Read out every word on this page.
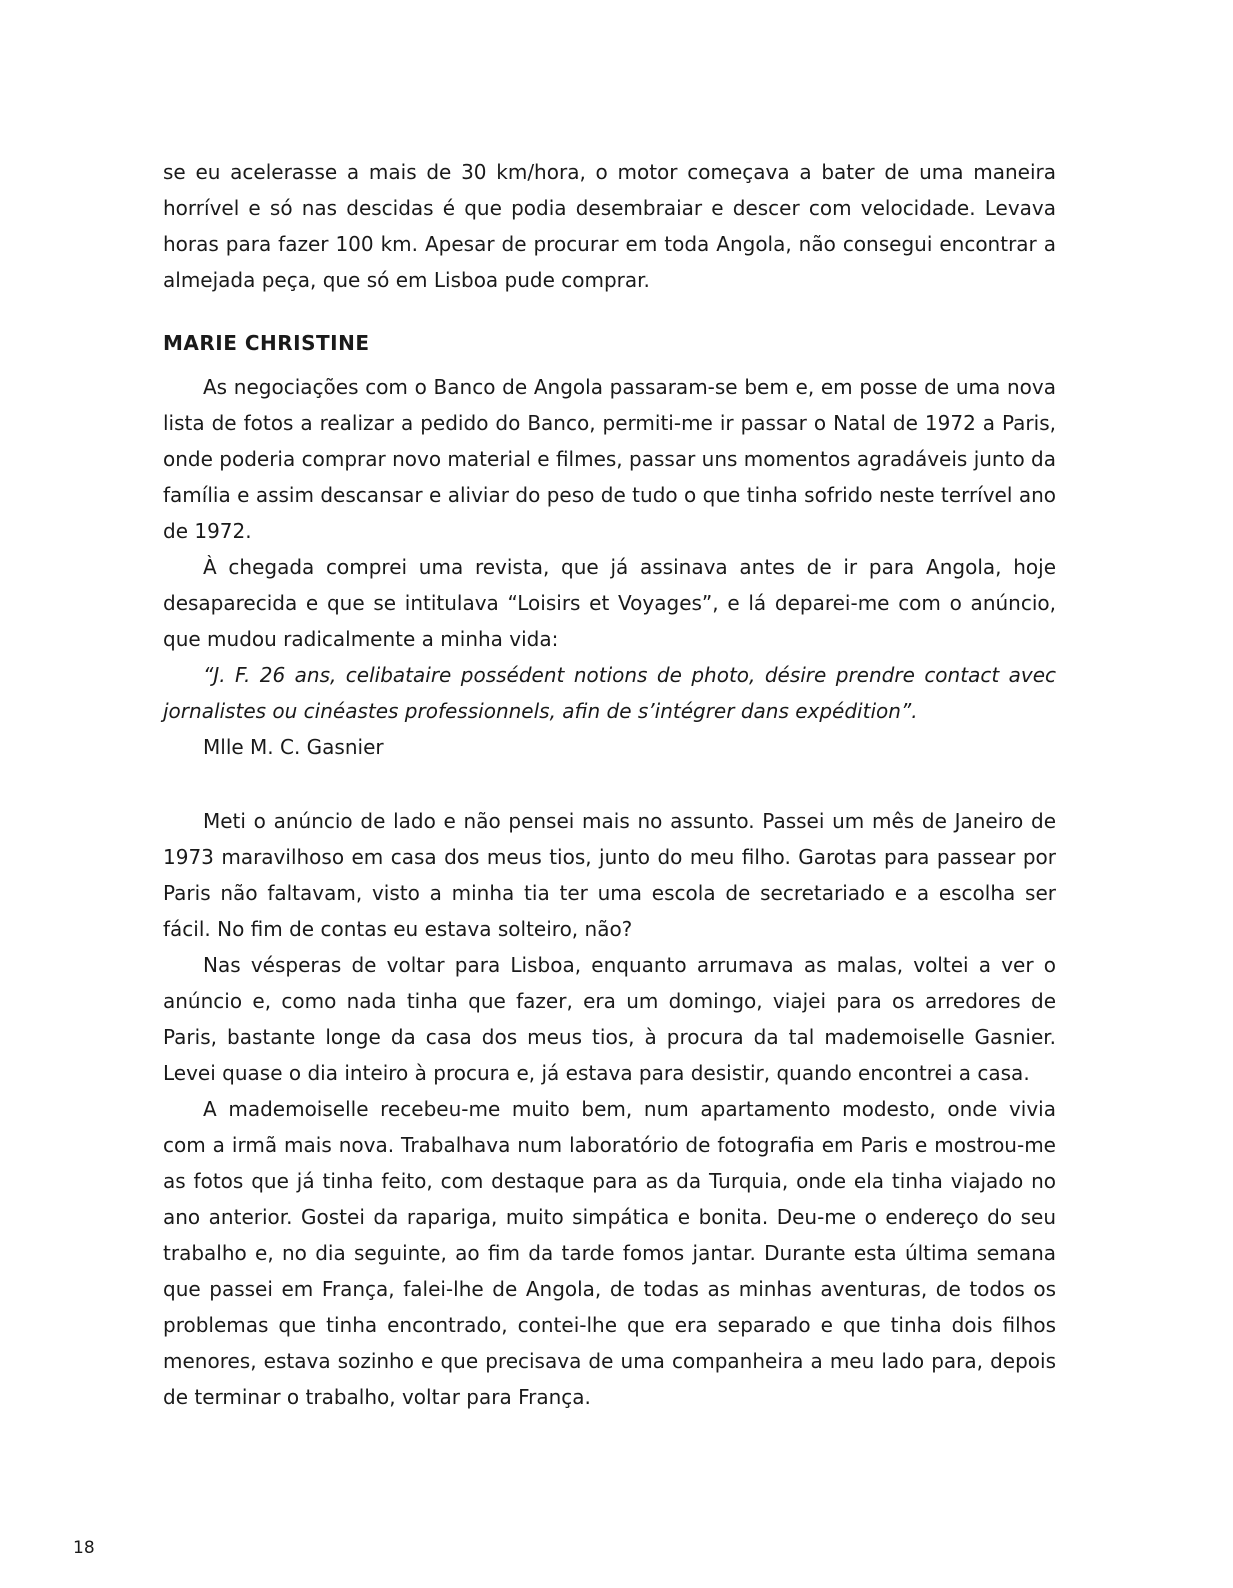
se eu acelerasse a mais de 30 km/hora, o motor começava a bater de uma maneira horrível e só nas descidas é que podia desembraiar e descer com velocidade. Levava horas para fazer 100 km. Apesar de procurar em toda Angola, não consegui encontrar a almejada peça, que só em Lisboa pude comprar.

MARIE CHRISTINE

As negociações com o Banco de Angola passaram-se bem e, em posse de uma nova lista de fotos a realizar a pedido do Banco, permiti-me ir passar o Natal de 1972 a Paris, onde poderia comprar novo material e filmes, passar uns momentos agradáveis junto da família e assim descansar e aliviar do peso de tudo o que tinha sofrido neste terrível ano de 1972.

À chegada comprei uma revista, que já assinava antes de ir para Angola, hoje desaparecida e que se intitulava “Loisirs et Voyages”, e lá deparei-me com o anúncio, que mudou radicalmente a minha vida:

“J. F. 26 ans, celibataire possédent notions de photo, désire prendre contact avec jornalistes ou cinéastes professionnels, afin de s’intégrer dans expédition”.

Mlle M. C. Gasnier

Meti o anúncio de lado e não pensei mais no assunto. Passei um mês de Janeiro de 1973 maravilhoso em casa dos meus tios, junto do meu filho. Garotas para passear por Paris não faltavam, visto a minha tia ter uma escola de secretariado e a escolha ser fácil. No fim de contas eu estava solteiro, não?

Nas vésperas de voltar para Lisboa, enquanto arrumava as malas, voltei a ver o anúncio e, como nada tinha que fazer, era um domingo, viajei para os arredores de Paris, bastante longe da casa dos meus tios, à procura da tal mademoiselle Gasnier. Levei quase o dia inteiro à procura e, já estava para desistir, quando encontrei a casa.

A mademoiselle recebeu-me muito bem, num apartamento modesto, onde vivia com a irmã mais nova. Trabalhava num laboratório de fotografia em Paris e mostrou-me as fotos que já tinha feito, com destaque para as da Turquia, onde ela tinha viajado no ano anterior. Gostei da rapariga, muito simpática e bonita. Deu-me o endereço do seu trabalho e, no dia seguinte, ao fim da tarde fomos jantar. Durante esta última semana que passei em França, falei-lhe de Angola, de todas as minhas aventuras, de todos os problemas que tinha encontrado, contei-lhe que era separado e que tinha dois filhos menores, estava sozinho e que precisava de uma companheira a meu lado para, depois de terminar o trabalho, voltar para França.

18
